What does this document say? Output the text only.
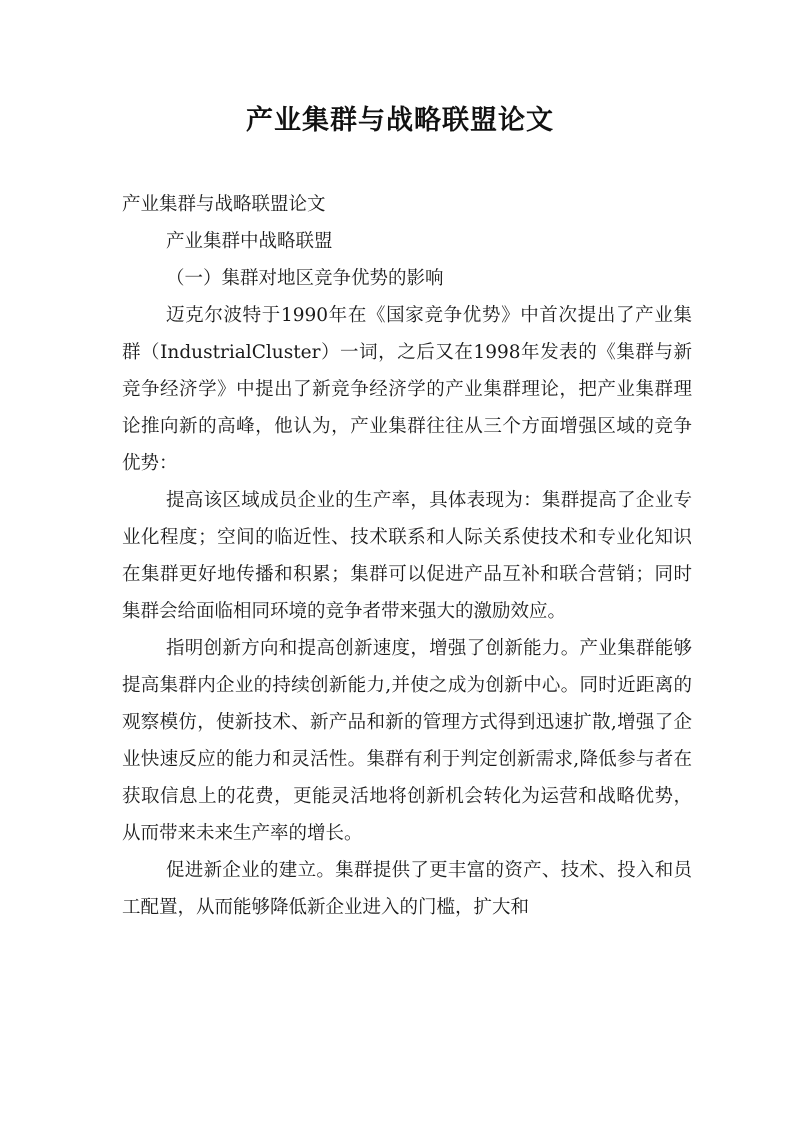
产业集群与战略联盟论文

产业集群与战略联盟论文

产业集群中战略联盟

（一）集群对地区竞争优势的影响

迈克尔波特于1990年在《国家竞争优势》中首次提出了产业集群（IndustrialCluster）一词，之后又在1998年发表的《集群与新竞争经济学》中提出了新竞争经济学的产业集群理论，把产业集群理论推向新的高峰，他认为，产业集群往往从三个方面增强区域的竞争优势：

提高该区域成员企业的生产率，具体表现为：集群提高了企业专业化程度；空间的临近性、技术联系和人际关系使技术和专业化知识在集群更好地传播和积累；集群可以促进产品互补和联合营销；同时集群会给面临相同环境的竞争者带来强大的激励效应。

指明创新方向和提高创新速度，增强了创新能力。产业集群能够提高集群内企业的持续创新能力,并使之成为创新中心。同时近距离的观察模仿，使新技术、新产品和新的管理方式得到迅速扩散,增强了企业快速反应的能力和灵活性。集群有利于判定创新需求,降低参与者在获取信息上的花费，更能灵活地将创新机会转化为运营和战略优势，从而带来未来生产率的增长。

促进新企业的建立。集群提供了更丰富的资产、技术、投入和员工配置，从而能够降低新企业进入的门槛，扩大和
